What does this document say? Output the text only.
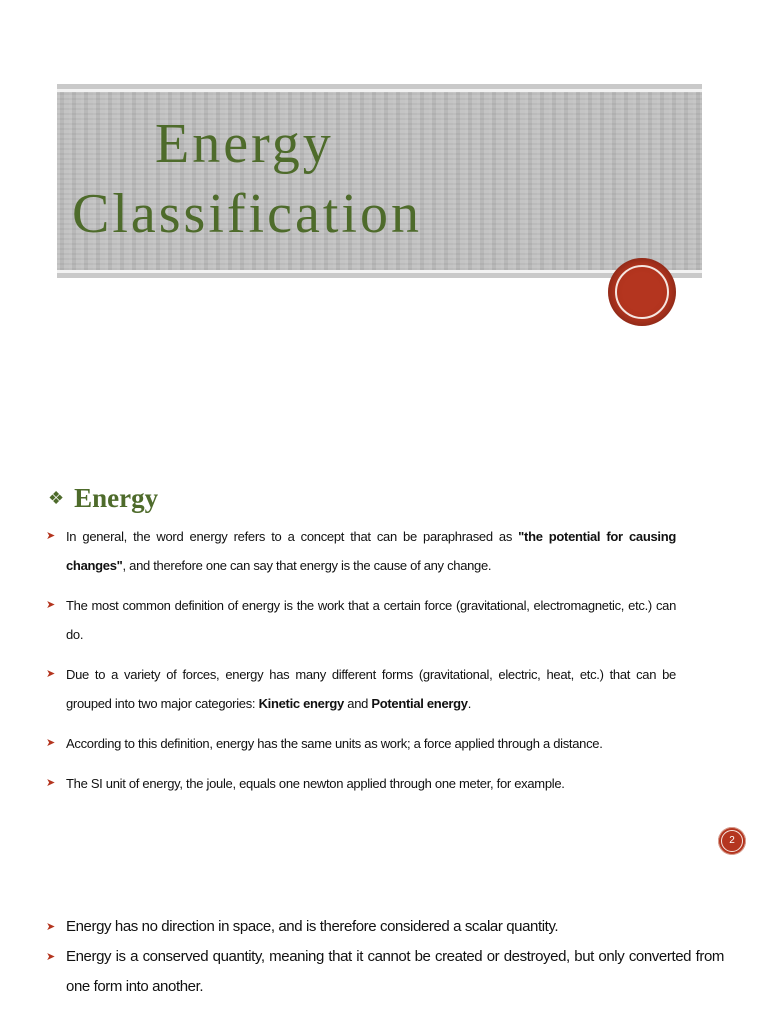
Energy
Classification
❖ Energy
➤ In general, the word energy refers to a concept that can be paraphrased as "the potential for causing changes", and therefore one can say that energy is the cause of any change.
➤ The most common definition of energy is the work that a certain force (gravitational, electromagnetic, etc.) can do.
➤ Due to a variety of forces, energy has many different forms (gravitational, electric, heat, etc.) that can be grouped into two major categories: Kinetic energy and Potential energy.
➤ According to this definition, energy has the same units as work; a force applied through a distance.
➤ The SI unit of energy, the joule, equals one newton applied through one meter, for example.
2
➤ Energy has no direction in space, and is therefore considered a scalar quantity.
➤ Energy is a conserved quantity, meaning that it cannot be created or destroyed, but only converted from one form into another.
